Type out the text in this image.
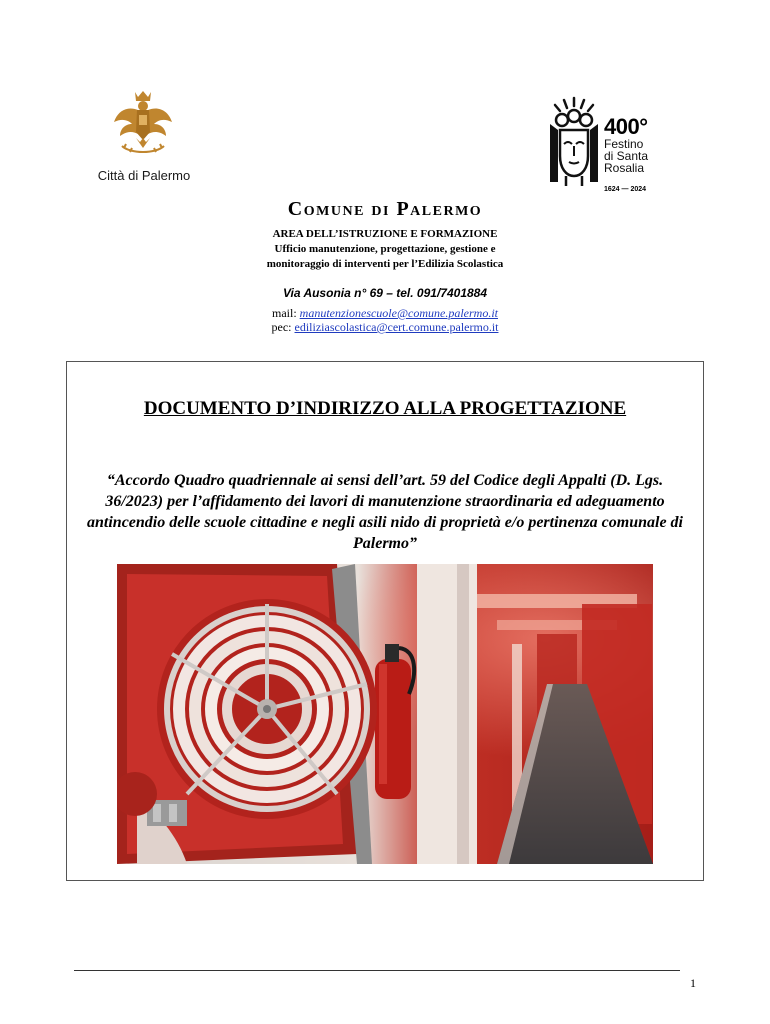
Città di Palermo
400°
Festino
di Santa
Rosalia
1624 — 2024
Comune di Palermo
AREA DELL’ISTRUZIONE E FORMAZIONE
Ufficio manutenzione, progettazione, gestione e
monitoraggio di interventi per l’Edilizia Scolastica
Via Ausonia n° 69 – tel. 091/7401884
mail: manutenzionescuole@comune.palermo.it
pec: ediliziascolastica@cert.comune.palermo.it
DOCUMENTO D’INDIRIZZO ALLA PROGETTAZIONE
“Accordo Quadro quadriennale ai sensi dell’art. 59 del Codice degli Appalti (D. Lgs. 36/2023) per l’affidamento dei lavori di manutenzione straordinaria ed adeguamento antincendio delle scuole cittadine e negli asili nido di proprietà e/o pertinenza comunale di Palermo”
1
